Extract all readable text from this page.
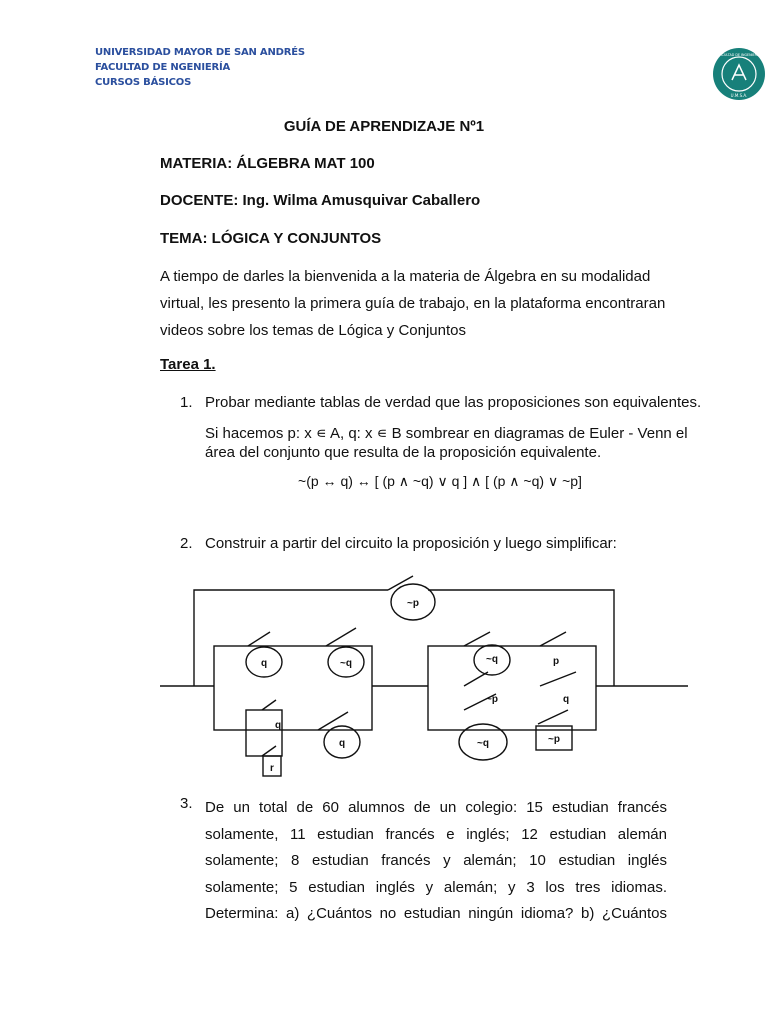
UNIVERSIDAD MAYOR DE SAN ANDRÉS
FACULTAD DE NGENIERÍA
CURSOS BÁSICOS
FACULTAD DE INGENIERÍA
U.M.S.A.
GUÍA DE APRENDIZAJE Nº1
MATERIA: ÁLGEBRA MAT 100
DOCENTE: Ing. Wilma Amusquivar Caballero
TEMA: LÓGICA Y CONJUNTOS
A tiempo de darles la bienvenida a la materia de Álgebra en su modalidad
virtual, les presento la primera guía de trabajo, en la plataforma encontraran
videos sobre los temas de Lógica y Conjuntos
Tarea 1.
1. Probar mediante tablas de verdad que las proposiciones son equivalentes.
Si hacemos p: x ∊ A, q: x ∊ B sombrear en diagramas de Euler - Venn el
área del conjunto que resulta de la proposición equivalente.
~(p ↔ q) ↔ [ (p ∧ ~q) ∨ q ] ∧ [ (p ∧ ~q) ∨ ~p]
2. Construir a partir del circuito la proposición y luego simplificar:
~p
q	~q
q
r
q
~q	p
~p	q
~q	~p
3. De un total de 60 alumnos de un colegio: 15 estudian francés
solamente, 11 estudian francés e inglés; 12 estudian alemán
solamente; 8 estudian francés y alemán; 10 estudian inglés
solamente; 5 estudian inglés y alemán; y 3 los tres idiomas.
Determina: a) ¿Cuántos no estudian ningún idioma? b) ¿Cuántos
